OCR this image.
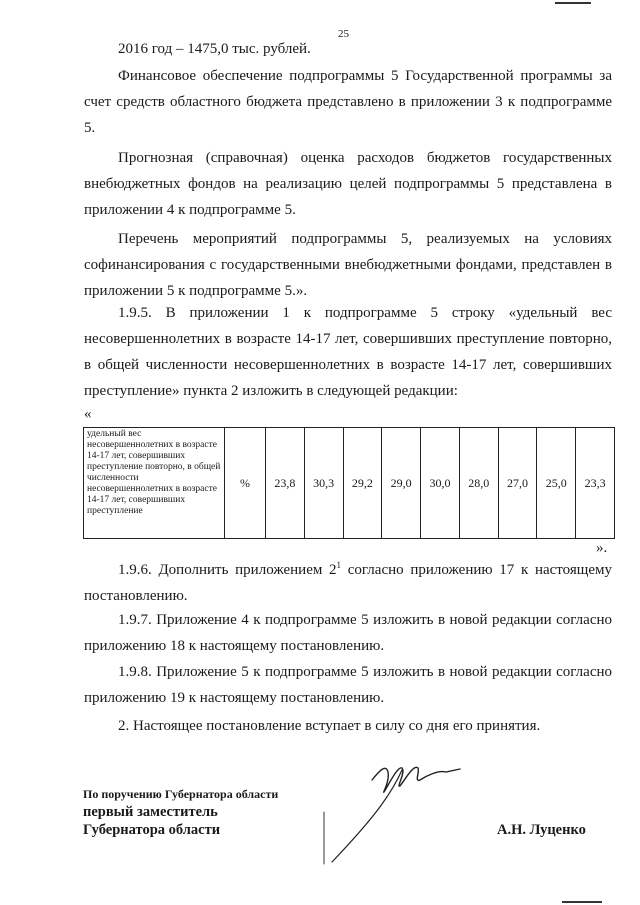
25

2016 год – 1475,0 тыс. рублей.

Финансовое обеспечение подпрограммы 5 Государственной программы за счет средств областного бюджета представлено в приложении 3 к подпрограмме 5.

Прогнозная (справочная) оценка расходов бюджетов государственных внебюджетных фондов на реализацию целей подпрограммы 5 представлена в приложении 4 к подпрограмме 5.

Перечень мероприятий подпрограммы 5, реализуемых на условиях софинансирования с государственными внебюджетными фондами, представлен в приложении 5 к подпрограмме 5.».

1.9.5. В приложении 1 к подпрограмме 5 строку «удельный вес несовершеннолетних в возрасте 14-17 лет, совершивших преступление повторно, в общей численности несовершеннолетних в возрасте 14-17 лет, совершивших преступление» пункта 2 изложить в следующей редакции:

«
удельный вес несовершеннолетних в возрасте 14-17 лет, совершивших преступление повторно, в общей численности несовершеннолетних в возрасте 14-17 лет, совершивших преступление	%	23,8	30,3	29,2	29,0	30,0	28,0	27,0	25,0	23,3
».

1.9.6. Дополнить приложением $2^1$ согласно приложению 17 к настоящему постановлению.

1.9.7. Приложение 4 к подпрограмме 5 изложить в новой редакции согласно приложению 18 к настоящему постановлению.

1.9.8. Приложение 5 к подпрограмме 5 изложить в новой редакции согласно приложению 19 к настоящему постановлению.

2. Настоящее постановление вступает в силу со дня его принятия.

По поручению Губернатора области
первый заместитель
Губернатора области	А.Н. Луценко
